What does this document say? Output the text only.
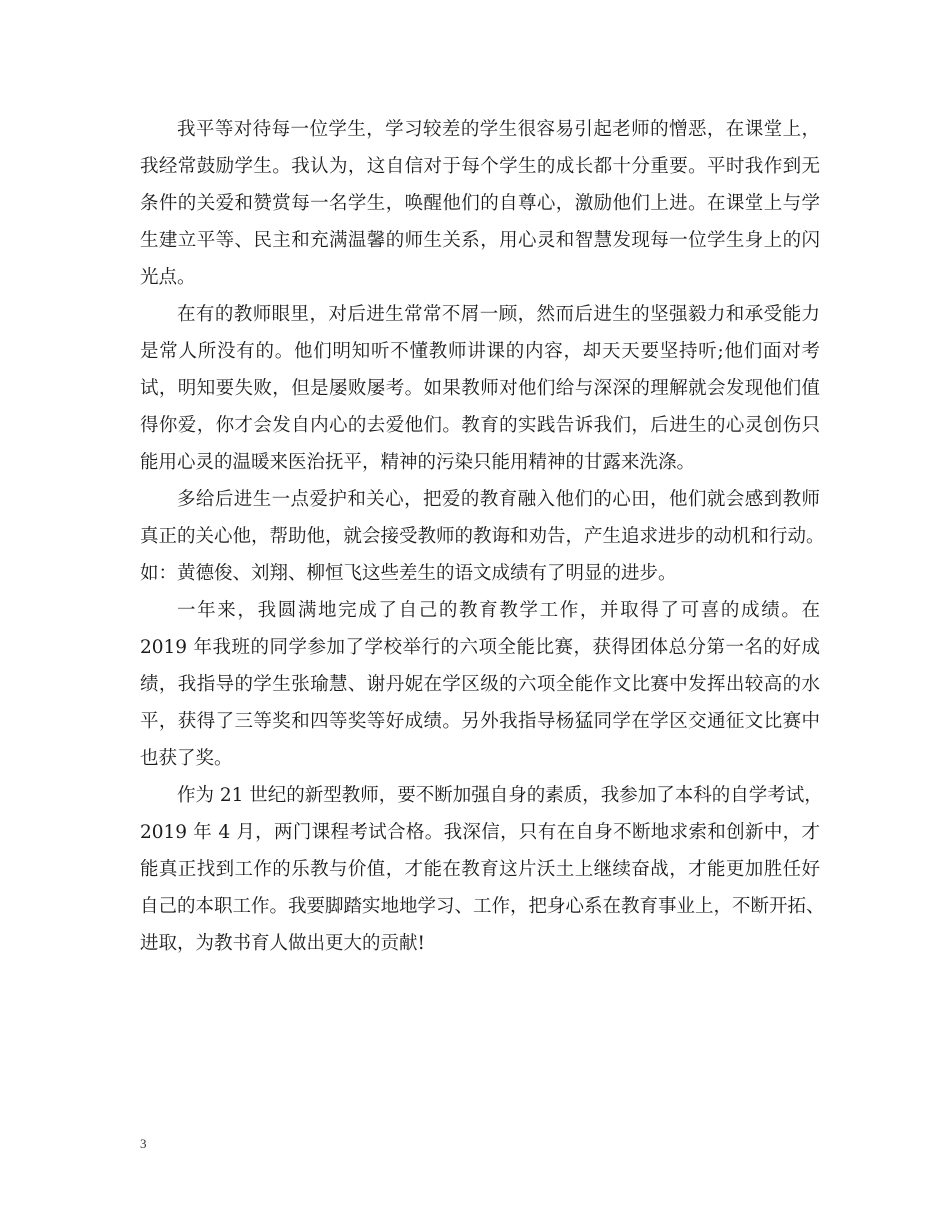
我平等对待每一位学生，学习较差的学生很容易引起老师的憎恶，在课堂上，
我经常鼓励学生。我认为，这自信对于每个学生的成长都十分重要。平时我作到无
条件的关爱和赞赏每一名学生，唤醒他们的自尊心，激励他们上进。在课堂上与学
生建立平等、民主和充满温馨的师生关系，用心灵和智慧发现每一位学生身上的闪
光点。
在有的教师眼里，对后进生常常不屑一顾，然而后进生的坚强毅力和承受能力
是常人所没有的。他们明知听不懂教师讲课的内容，却天天要坚持听;他们面对考
试，明知要失败，但是屡败屡考。如果教师对他们给与深深的理解就会发现他们值
得你爱，你才会发自内心的去爱他们。教育的实践告诉我们，后进生的心灵创伤只
能用心灵的温暖来医治抚平，精神的污染只能用精神的甘露来洗涤。
多给后进生一点爱护和关心，把爱的教育融入他们的心田，他们就会感到教师
真正的关心他，帮助他，就会接受教师的教诲和劝告，产生追求进步的动机和行动。
如：黄德俊、刘翔、柳恒飞这些差生的语文成绩有了明显的进步。
一年来，我圆满地完成了自己的教育教学工作，并取得了可喜的成绩。在
2019 年我班的同学参加了学校举行的六项全能比赛，获得团体总分第一名的好成
绩，我指导的学生张瑜慧、谢丹妮在学区级的六项全能作文比赛中发挥出较高的水
平，获得了三等奖和四等奖等好成绩。另外我指导杨猛同学在学区交通征文比赛中
也获了奖。
作为 21 世纪的新型教师，要不断加强自身的素质，我参加了本科的自学考试，
2019 年 4 月，两门课程考试合格。我深信，只有在自身不断地求索和创新中，才
能真正找到工作的乐教与价值，才能在教育这片沃土上继续奋战，才能更加胜任好
自己的本职工作。我要脚踏实地地学习、工作，把身心系在教育事业上，不断开拓、
进取，为教书育人做出更大的贡献!
3
